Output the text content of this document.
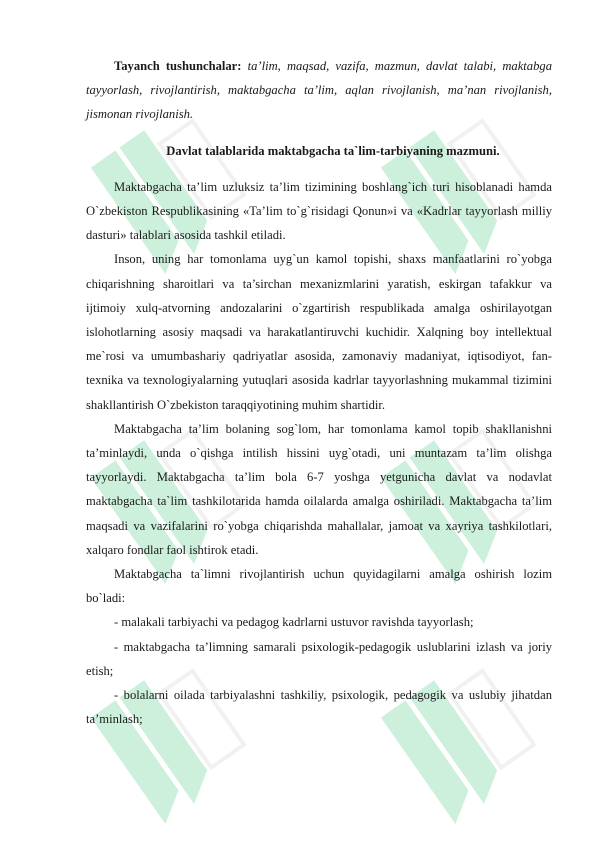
Tayanch tushunchalar: ta’lim, maqsad, vazifa, mazmun, davlat talabi, maktabga tayyorlash, rivojlantirish, maktabgacha ta’lim, aqlan rivojlanish, ma’nan rivojlanish, jismonan rivojlanish.

Davlat talablarida maktabgacha ta`lim-tarbiyaning mazmuni.

Maktabgacha ta’lim uzluksiz ta’lim tizimining boshlang`ich turi hisoblanadi hamda O`zbekiston Respublikasining «Ta’lim to`g`risidagi Qonun»i va «Kadrlar tayyorlash milliy dasturi» talablari asosida tashkil etiladi.

Inson, uning har tomonlama uyg`un kamol topishi, shaxs manfaatlarini ro`yobga chiqarishning sharoitlari va ta’sirchan mexanizmlarini yaratish, eskirgan tafakkur va ijtimoiy xulq-atvorning andozalarini o`zgartirish respublikada amalga oshirilayotgan islohotlarning asosiy maqsadi va harakatlantiruvchi kuchidir. Xalqning boy intellektual me`rosi va umumbashariy qadriyatlar asosida, zamonaviy madaniyat, iqtisodiyot, fan-texnika va texnologiyalarning yutuqlari asosida kadrlar tayyorlashning mukammal tizimini shakllantirish O`zbekiston taraqqiyotining muhim shartidir.

Maktabgacha ta’lim bolaning sog`lom, har tomonlama kamol topib shakllanishni ta’minlaydi, unda o`qishga intilish hissini uyg`otadi, uni muntazam ta’lim olishga tayyorlaydi. Maktabgacha ta’lim bola 6-7 yoshga yetgunicha davlat va nodavlat maktabgacha ta`lim tashkilotarida hamda oilalarda amalga oshiriladi. Maktabgacha ta’lim maqsadi va vazifalarini ro`yobga chiqarishda mahallalar, jamoat va xayriya tashkilotlari, xalqaro fondlar faol ishtirok etadi.

Maktabgacha ta`limni rivojlantirish uchun quyidagilarni amalga oshirish lozim bo`ladi:

- malakali tarbiyachi va pedagog kadrlarni ustuvor ravishda tayyorlash;

- maktabgacha ta’limning samarali psixologik-pedagogik uslublarini izlash va joriy etish;

- bolalarni oilada tarbiyalashni tashkiliy, psixologik, pedagogik va uslubiy jihatdan ta’minlash;
